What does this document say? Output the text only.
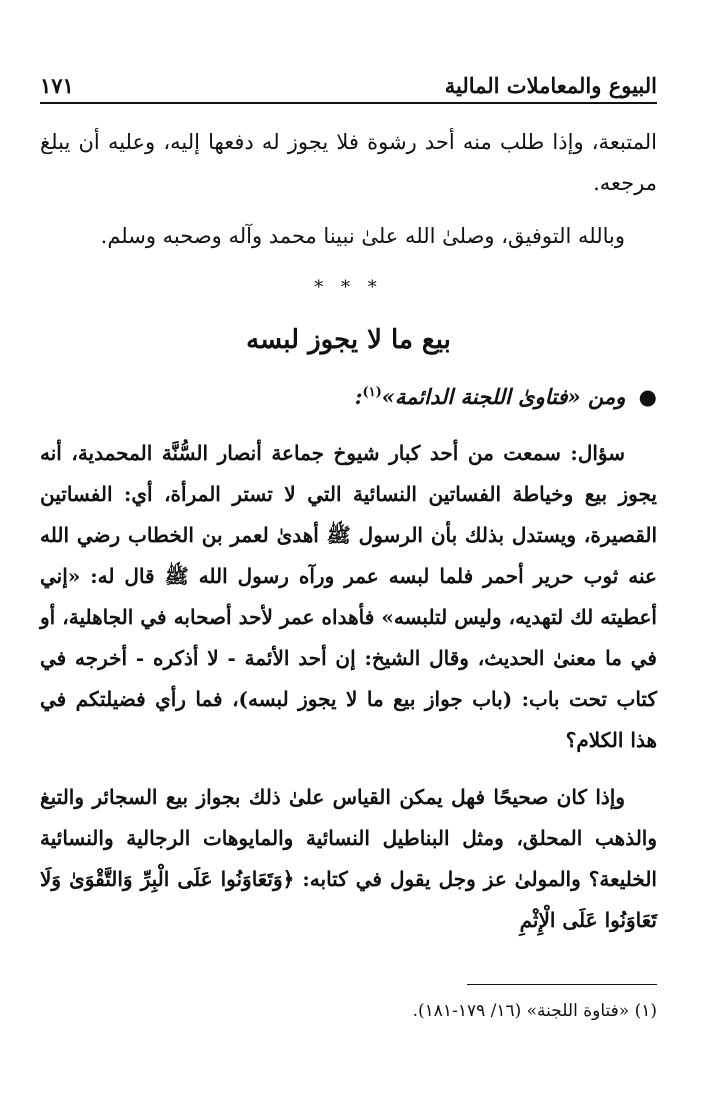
البيوع والمعاملات المالية
١٧١

المتبعة، وإذا طلب منه أحد رشوة فلا يجوز له دفعها إليه، وعليه أن يبلغ مرجعه.

وبالله التوفيق، وصلىٰ الله علىٰ نبينا محمد وآله وصحبه وسلم.

* * *
بيع ما لا يجوز لبسه
● ومن «فتاوىٰ اللجنة الدائمة»$^{(١)}$:

سؤال: سمعت من أحد كبار شيوخ جماعة أنصار السُّنَّة المحمدية، أنه يجوز بيع وخياطة الفساتين النسائية التي لا تستر المرأة، أي: الفساتين القصيرة، ويستدل بذلك بأن الرسول ﷺ أهدىٰ لعمر بن الخطاب رضي الله عنه ثوب حرير أحمر فلما لبسه عمر ورآه رسول الله ﷺ قال له: «إني أعطيته لك لتهديه، وليس لتلبسه» فأهداه عمر لأحد أصحابه في الجاهلية، أو في ما معنىٰ الحديث، وقال الشيخ: إن أحد الأئمة - لا أذكره - أخرجه في كتاب تحت باب: (باب جواز بيع ما لا يجوز لبسه)، فما رأي فضيلتكم في هذا الكلام؟

وإذا كان صحيحًا فهل يمكن القياس علىٰ ذلك بجواز بيع السجائر والتبغ والذهب المحلق، ومثل البناطيل النسائية والمايوهات الرجالية والنسائية الخليعة؟ والمولىٰ عز وجل يقول في كتابه: ﴿وَتَعَاوَنُوا عَلَى الْبِرِّ وَالتَّقْوَىٰ وَلَا تَعَاوَنُوا عَلَى الْإِثْمِ

(١) «فتاوة اللجنة» (١٦/ ١٧٩-١٨١).
